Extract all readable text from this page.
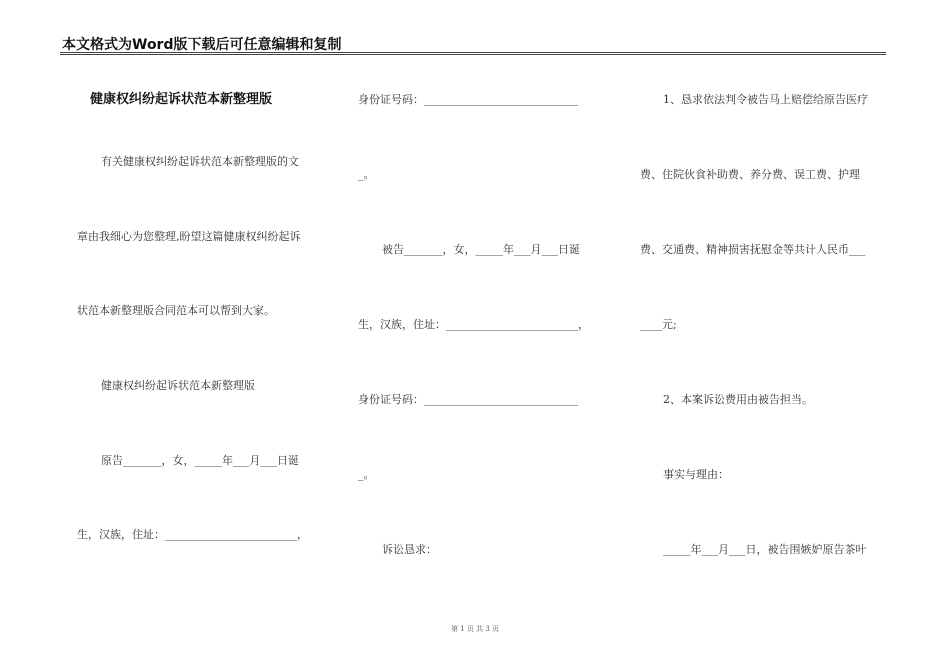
本文格式为Word版下载后可任意编辑和复制
健康权纠纷起诉状范本新整理版
有关健康权纠纷起诉状范本新整理版的文
章由我细心为您整理,盼望这篇健康权纠纷起诉
状范本新整理版合同范本可以帮到大家。
健康权纠纷起诉状范本新整理版
原告_______，女，_____年___月___日诞
生，汉族，住址：________________________，
身份证号码：____________________________
_。
被告_______，女，_____年___月___日诞
生，汉族，住址：________________________，
身份证号码：____________________________
_。
诉讼恳求：
1、恳求依法判令被告马上赔偿给原告医疗
费、住院伙食补助费、养分费、误工费、护理
费、交通费、精神损害抚慰金等共计人民币___
____元;
2、本案诉讼费用由被告担当。
事实与理由：
_____年___月___日，被告围嫉妒原告茶叶
第 1 页 共 3 页
